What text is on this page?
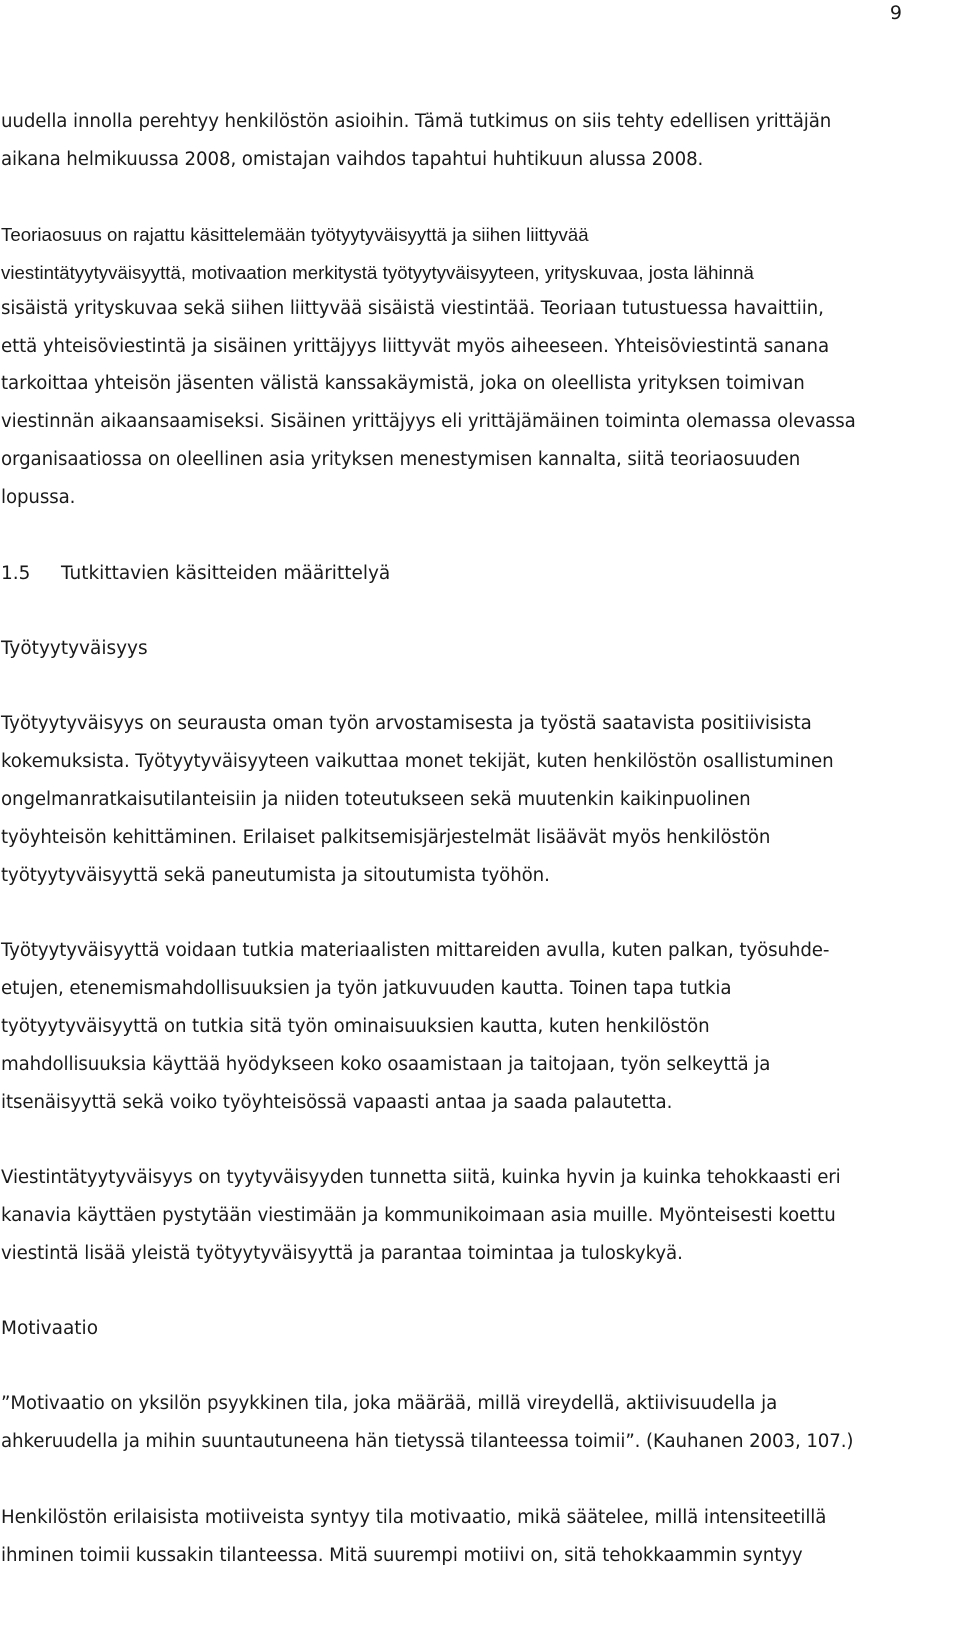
9
uudella innolla perehtyy henkilöstön asioihin. Tämä tutkimus on siis tehty edellisen yrittäjän
aikana helmikuussa 2008, omistajan vaihdos tapahtui huhtikuun alussa 2008.
Teoriaosuus on rajattu käsittelemään työtyytyväisyyttä ja siihen liittyvää
viestintätyytyväisyyttä, motivaation merkitystä työtyytyväisyyteen, yrityskuvaa, josta lähinnä
sisäistä yrityskuvaa sekä siihen liittyvää sisäistä viestintää. Teoriaan tutustuessa havaittiin,
että yhteisöviestintä ja sisäinen yrittäjyys liittyvät myös aiheeseen. Yhteisöviestintä sanana
tarkoittaa yhteisön jäsenten välistä kanssakäymistä, joka on oleellista yrityksen toimivan
viestinnän aikaansaamiseksi. Sisäinen yrittäjyys eli yrittäjämäinen toiminta olemassa olevassa
organisaatiossa on oleellinen asia yrityksen menestymisen kannalta, siitä teoriaosuuden
lopussa.
1.5 Tutkittavien käsitteiden määrittelyä
Työtyytyväisyys
Työtyytyväisyys on seurausta oman työn arvostamisesta ja työstä saatavista positiivisista
kokemuksista. Työtyytyväisyyteen vaikuttaa monet tekijät, kuten henkilöstön osallistuminen
ongelmanratkaisutilanteisiin ja niiden toteutukseen sekä muutenkin kaikinpuolinen
työyhteisön kehittäminen. Erilaiset palkitsemisjärjestelmät lisäävät myös henkilöstön
työtyytyväisyyttä sekä paneutumista ja sitoutumista työhön.
Työtyytyväisyyttä voidaan tutkia materiaalisten mittareiden avulla, kuten palkan, työsuhde-
etujen, etenemismahdollisuuksien ja työn jatkuvuuden kautta. Toinen tapa tutkia
työtyytyväisyyttä on tutkia sitä työn ominaisuuksien kautta, kuten henkilöstön
mahdollisuuksia käyttää hyödykseen koko osaamistaan ja taitojaan, työn selkeyttä ja
itsenäisyyttä sekä voiko työyhteisössä vapaasti antaa ja saada palautetta.
Viestintätyytyväisyys on tyytyväisyyden tunnetta siitä, kuinka hyvin ja kuinka tehokkaasti eri
kanavia käyttäen pystytään viestimään ja kommunikoimaan asia muille. Myönteisesti koettu
viestintä lisää yleistä työtyytyväisyyttä ja parantaa toimintaa ja tuloskykyä.
Motivaatio
”Motivaatio on yksilön psyykkinen tila, joka määrää, millä vireydellä, aktiivisuudella ja
ahkeruudella ja mihin suuntautuneena hän tietyssä tilanteessa toimii”. (Kauhanen 2003, 107.)
Henkilöstön erilaisista motiiveista syntyy tila motivaatio, mikä säätelee, millä intensiteetillä
ihminen toimii kussakin tilanteessa. Mitä suurempi motiivi on, sitä tehokkaammin syntyy
